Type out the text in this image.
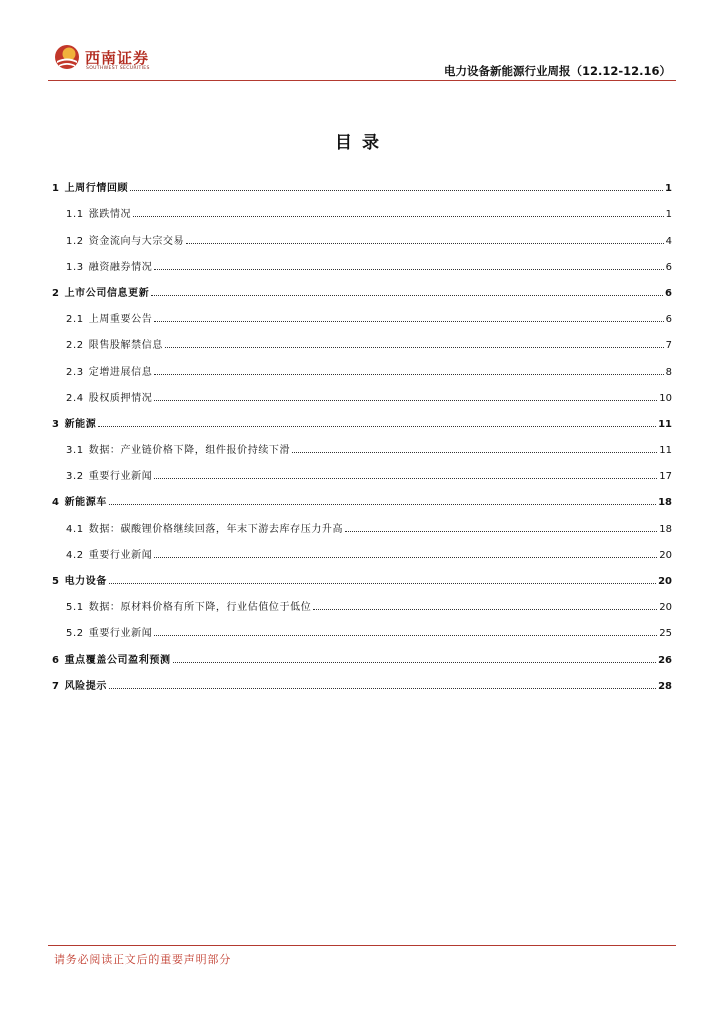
西南证券
SOUTHWEST SECURITIES	电力设备新能源行业周报（12.12-12.16）
目录
1 上周行情回顾	1
1.1 涨跌情况	1
1.2 资金流向与大宗交易	4
1.3 融资融券情况	6
2 上市公司信息更新	6
2.1 上周重要公告	6
2.2 限售股解禁信息	7
2.3 定增进展信息	8
2.4 股权质押情况	10
3 新能源	11
3.1 数据：产业链价格下降，组件报价持续下滑	11
3.2 重要行业新闻	17
4 新能源车	18
4.1 数据：碳酸锂价格继续回落，年末下游去库存压力升高	18
4.2 重要行业新闻	20
5 电力设备	20
5.1 数据：原材料价格有所下降，行业估值位于低位	20
5.2 重要行业新闻	25
6 重点覆盖公司盈利预测	26
7 风险提示	28
请务必阅读正文后的重要声明部分
